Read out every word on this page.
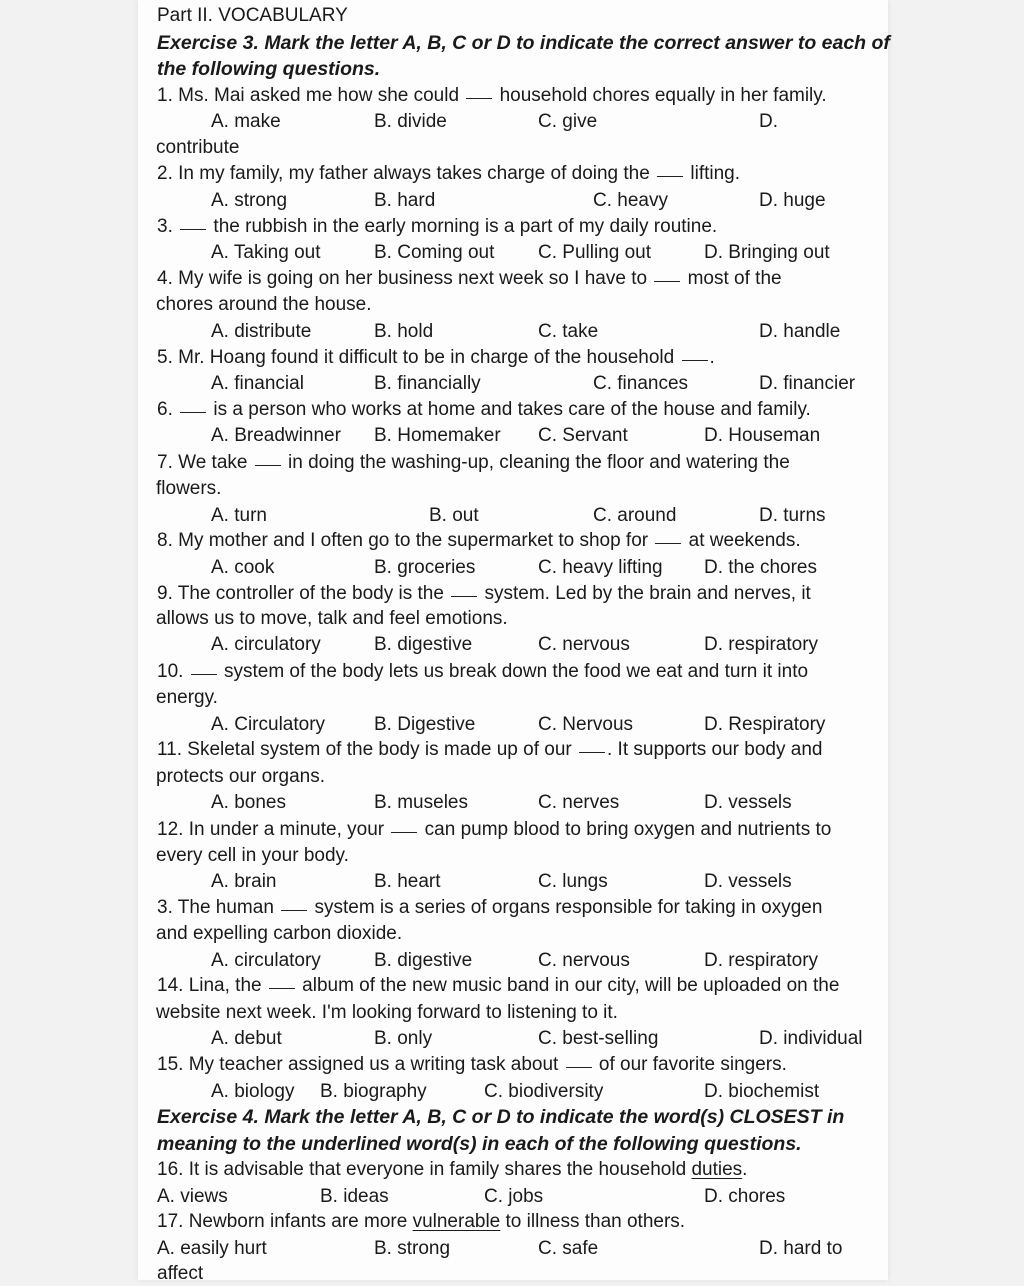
Part II. VOCABULARY
Exercise 3. Mark the letter A, B, C or D to indicate the correct answer to each of
the following questions.
1. Ms. Mai asked me how she could household chores equally in her family.
A. make	B. divide	C. give	D.
contribute
2. In my family, my father always takes charge of doing the lifting.
A. strong	B. hard	C. heavy	D. huge
3. the rubbish in the early morning is a part of my daily routine.
A. Taking out	B. Coming out C. Pulling out	D. Bringing out
4. My wife is going on her business next week so I have to most of the
chores around the house.
A. distribute	B. hold	C. take	D. handle
5. Mr. Hoang found it difficult to be in charge of the household .
A. financial	B. financially	C. finances	D. financier
6. is a person who works at home and takes care of the house and family.
A. Breadwinner B. Homemaker C. Servant	D. Houseman
7. We take in doing the washing-up, cleaning the floor and watering the
flowers.
A. turn	B. out	C. around	D. turns
8. My mother and I often go to the supermarket to shop for at weekends.
A. cook	B. groceries	C. heavy lifting D. the chores
9. The controller of the body is the system. Led by the brain and nerves, it
allows us to move, talk and feel emotions.
A. circulatory	B. digestive	C. nervous	D. respiratory
10. system of the body lets us break down the food we eat and turn it into
energy.
A. Circulatory	B. Digestive	C. Nervous	D. Respiratory
11. Skeletal system of the body is made up of our . It supports our body and
protects our organs.
A. bones	B. museles	C. nerves	D. vessels
12. In under a minute, your can pump blood to bring oxygen and nutrients to
every cell in your body.
A. brain	B. heart	C. lungs	D. vessels
3. The human system is a series of organs responsible for taking in oxygen
and expelling carbon dioxide.
A. circulatory	B. digestive	C. nervous	D. respiratory
14. Lina, the album of the new music band in our city, will be uploaded on the
website next week. I'm looking forward to listening to it.
A. debut	B. only	C. best-selling	D. individual
15. My teacher assigned us a writing task about of our favorite singers.
A. biology B. biography	C. biodiversity	D. biochemist
Exercise 4. Mark the letter A, B, C or D to indicate the word(s) CLOSEST in
meaning to the underlined word(s) in each of the following questions.
16. It is advisable that everyone in family shares the household duties.
A. views	B. ideas	C. jobs	D. chores
17. Newborn infants are more vulnerable to illness than others.
A. easily hurt	B. strong	C. safe	D. hard to
affect
